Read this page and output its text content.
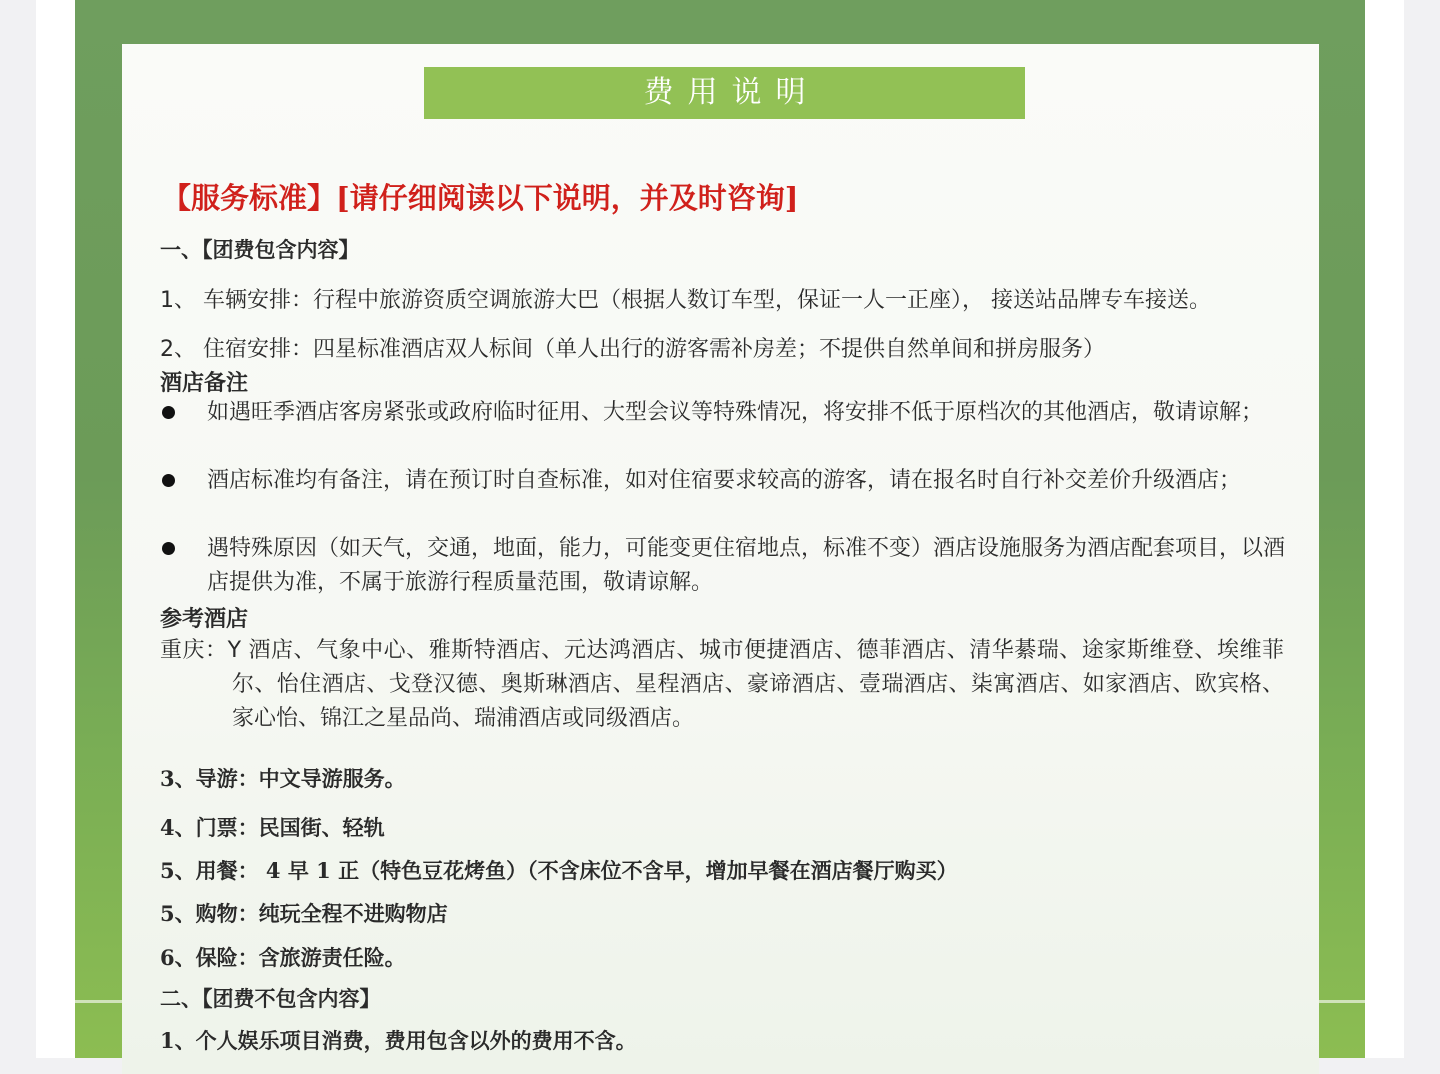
费用说明
【服务标准】[请仔细阅读以下说明，并及时咨询]
一、【团费包含内容】
1、 车辆安排：行程中旅游资质空调旅游大巴（根据人数订车型，保证一人一正座）， 接送站品牌专车接送。
2、 住宿安排：四星标准酒店双人标间（单人出行的游客需补房差；不提供自然单间和拼房服务）
酒店备注
如遇旺季酒店客房紧张或政府临时征用、大型会议等特殊情况，将安排不低于原档次的其他酒店，敬请谅解；
酒店标准均有备注，请在预订时自查标准，如对住宿要求较高的游客，请在报名时自行补交差价升级酒店；
遇特殊原因（如天气，交通，地面，能力，可能变更住宿地点，标准不变）酒店设施服务为酒店配套项目，以酒店提供为准，不属于旅游行程质量范围，敬请谅解。
参考酒店
重庆：Y 酒店、气象中心、雅斯特酒店、元达鸿酒店、城市便捷酒店、德菲酒店、清华綦瑞、途家斯维登、埃维菲尔、怡住酒店、戈登汉德、奥斯琳酒店、星程酒店、豪谛酒店、壹瑞酒店、柒寓酒店、如家酒店、欧宾格、家心怡、锦江之星品尚、瑞浦酒店或同级酒店。
3、导游：中文导游服务。
4、门票：民国街、轻轨
5、用餐： 4 早 1 正（特色豆花烤鱼）（不含床位不含早，增加早餐在酒店餐厅购买）
5、购物：纯玩全程不进购物店
6、保险：含旅游责任险。
二、【团费不包含内容】
1、个人娱乐项目消费，费用包含以外的费用不含。
